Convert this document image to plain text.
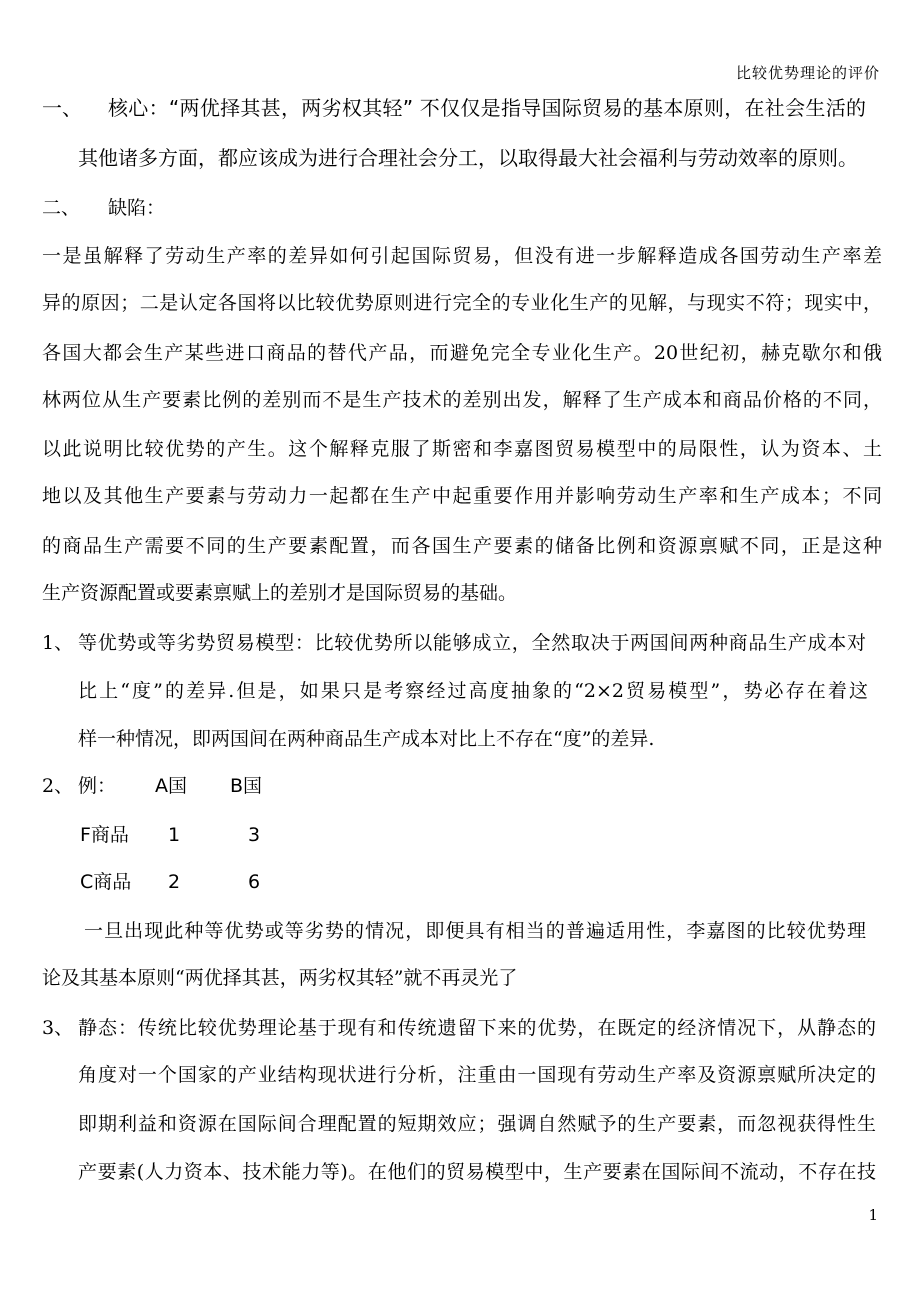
比较优势理论的评价
一、 核心：“两优择其甚，两劣权其轻” 不仅仅是指导国际贸易的基本原则，在社会生活的
其他诸多方面，都应该成为进行合理社会分工，以取得最大社会福利与劳动效率的原则。
二、 缺陷：
一是虽解释了劳动生产率的差异如何引起国际贸易，但没有进一步解释造成各国劳动生产率差
异的原因；二是认定各国将以比较优势原则进行完全的专业化生产的见解，与现实不符；现实中，
各国大都会生产某些进口商品的替代产品，而避免完全专业化生产。20世纪初，赫克歇尔和俄
林两位从生产要素比例的差别而不是生产技术的差别出发，解释了生产成本和商品价格的不同，
以此说明比较优势的产生。这个解释克服了斯密和李嘉图贸易模型中的局限性，认为资本、土
地以及其他生产要素与劳动力一起都在生产中起重要作用并影响劳动生产率和生产成本；不同
的商品生产需要不同的生产要素配置，而各国生产要素的储备比例和资源禀赋不同，正是这种
生产资源配置或要素禀赋上的差别才是国际贸易的基础。
1、 等优势或等劣势贸易模型：比较优势所以能够成立，全然取决于两国间两种商品生产成本对
比上“度”的差异.但是，如果只是考察经过高度抽象的“2×2贸易模型”，势必存在着这
样一种情况，即两国间在两种商品生产成本对比上不存在“度”的差异.
2、 例： A国 B国
F商品 1	3
C商品 2	6
一旦出现此种等优势或等劣势的情况，即便具有相当的普遍适用性，李嘉图的比较优势理
论及其基本原则“两优择其甚，两劣权其轻”就不再灵光了
3、 静态：传统比较优势理论基于现有和传统遗留下来的优势，在既定的经济情况下，从静态的
角度对一个国家的产业结构现状进行分析，注重由一国现有劳动生产率及资源禀赋所决定的
即期利益和资源在国际间合理配置的短期效应；强调自然赋予的生产要素，而忽视获得性生
产要素(人力资本、技术能力等)。在他们的贸易模型中，生产要素在国际间不流动，不存在技
1
